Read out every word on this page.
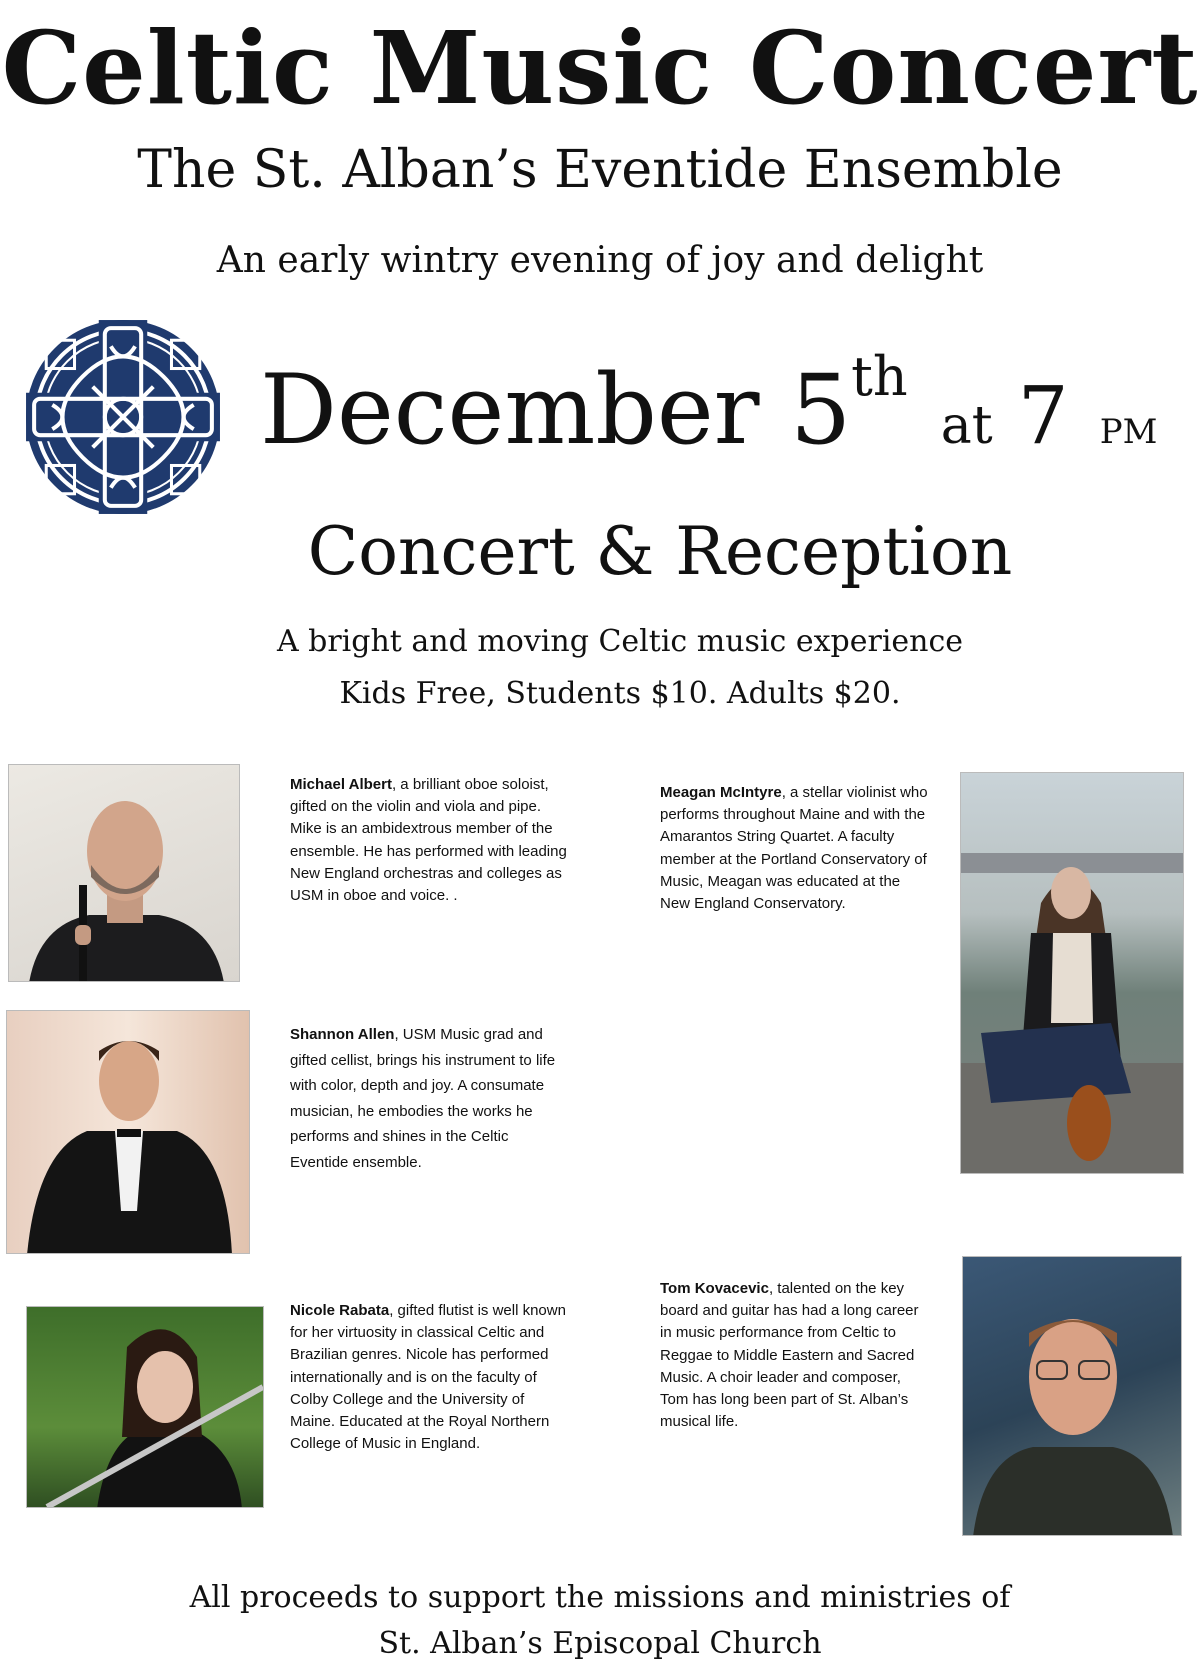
Celtic Music Concert
The St. Alban’s Eventide Ensemble
An early wintry evening of joy and delight
December 5th at 7 PM
Concert & Reception
A bright and moving Celtic music experience
Kids Free, Students $10. Adults $20.
Michael Albert, a brilliant oboe soloist, gifted on the violin and viola and pipe. Mike is an ambidextrous member of the ensemble. He has performed with leading New England orchestras and colleges as USM in oboe and voice. .
Meagan McIntyre, a stellar violinist who performs throughout Maine and with the Amarantos String Quartet. A faculty member at the Portland Conservatory of Music, Meagan was educated at the New England Conservatory.
Shannon Allen, USM Music grad and gifted cellist, brings his instrument to life with color, depth and joy. A consumate musician, he embodies the works he performs and shines in the Celtic Eventide ensemble.
Tom Kovacevic, talented on the key board and guitar has had a long career in music performance from Celtic to Reggae to Middle Eastern and Sacred Music. A choir leader and composer, Tom has long been part of St. Alban’s musical life.
Nicole Rabata, gifted flutist is well known for her virtuosity in classical Celtic and Brazilian genres. Nicole has performed internationally and is on the faculty of Colby College and the University of Maine. Educated at the Royal Northern College of Music in England.
All proceeds to support the missions and ministries of
St. Alban’s Episcopal Church
